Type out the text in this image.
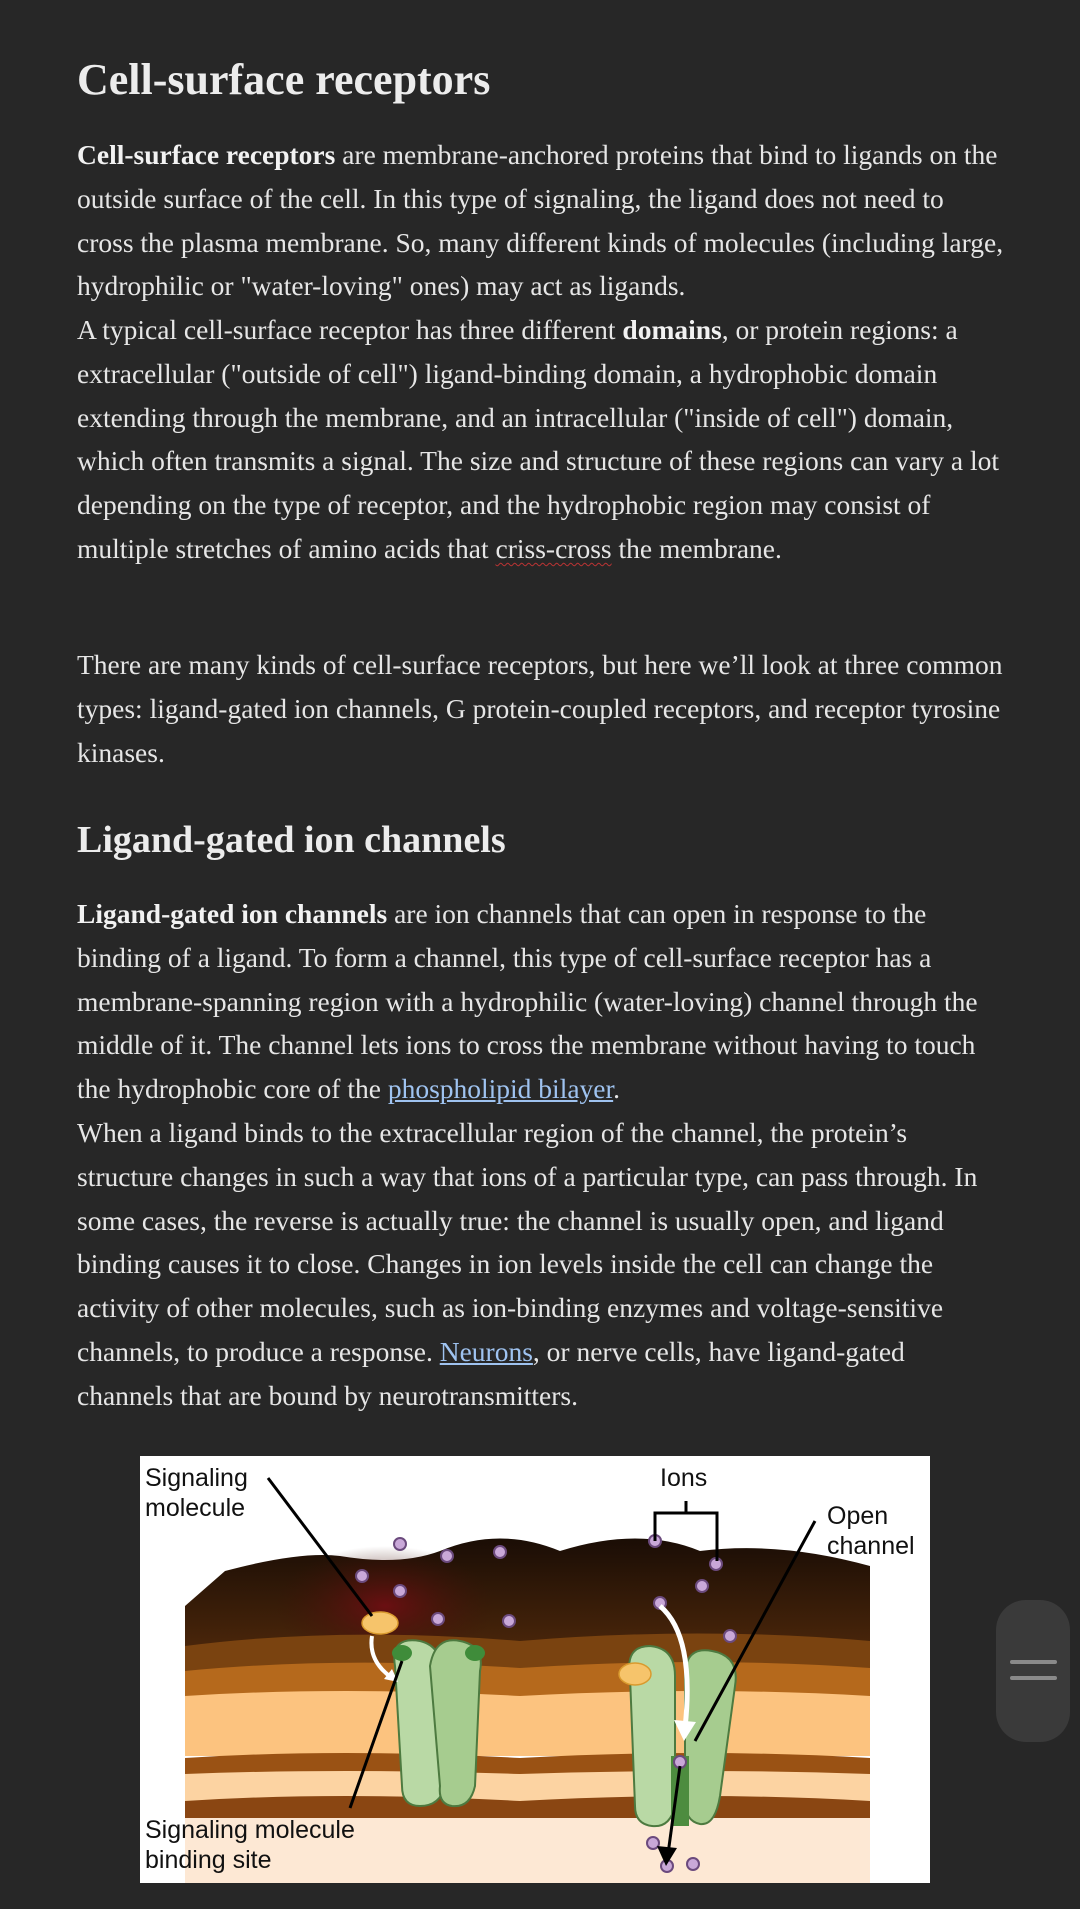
Cell-surface receptors

Cell-surface receptors are membrane-anchored proteins that bind to ligands on the outside surface of the cell. In this type of signaling, the ligand does not need to cross the plasma membrane. So, many different kinds of molecules (including large, hydrophilic or "water-loving" ones) may act as ligands.

A typical cell-surface receptor has three different domains, or protein regions: a extracellular ("outside of cell") ligand-binding domain, a hydrophobic domain extending through the membrane, and an intracellular ("inside of cell") domain, which often transmits a signal. The size and structure of these regions can vary a lot depending on the type of receptor, and the hydrophobic region may consist of multiple stretches of amino acids that criss-cross the membrane.

There are many kinds of cell-surface receptors, but here we’ll look at three common types: ligand-gated ion channels, G protein-coupled receptors, and receptor tyrosine kinases.

Ligand-gated ion channels

Ligand-gated ion channels are ion channels that can open in response to the binding of a ligand. To form a channel, this type of cell-surface receptor has a membrane-spanning region with a hydrophilic (water-loving) channel through the middle of it. The channel lets ions to cross the membrane without having to touch the hydrophobic core of the phospholipid bilayer.

When a ligand binds to the extracellular region of the channel, the protein’s structure changes in such a way that ions of a particular type, can pass through. In some cases, the reverse is actually true: the channel is usually open, and ligand binding causes it to close. Changes in ion levels inside the cell can change the activity of other molecules, such as ion-binding enzymes and voltage-sensitive channels, to produce a response. Neurons, or nerve cells, have ligand-gated channels that are bound by neurotransmitters.

Signaling
molecule
Ions
Open
channel
Signaling molecule
binding site
